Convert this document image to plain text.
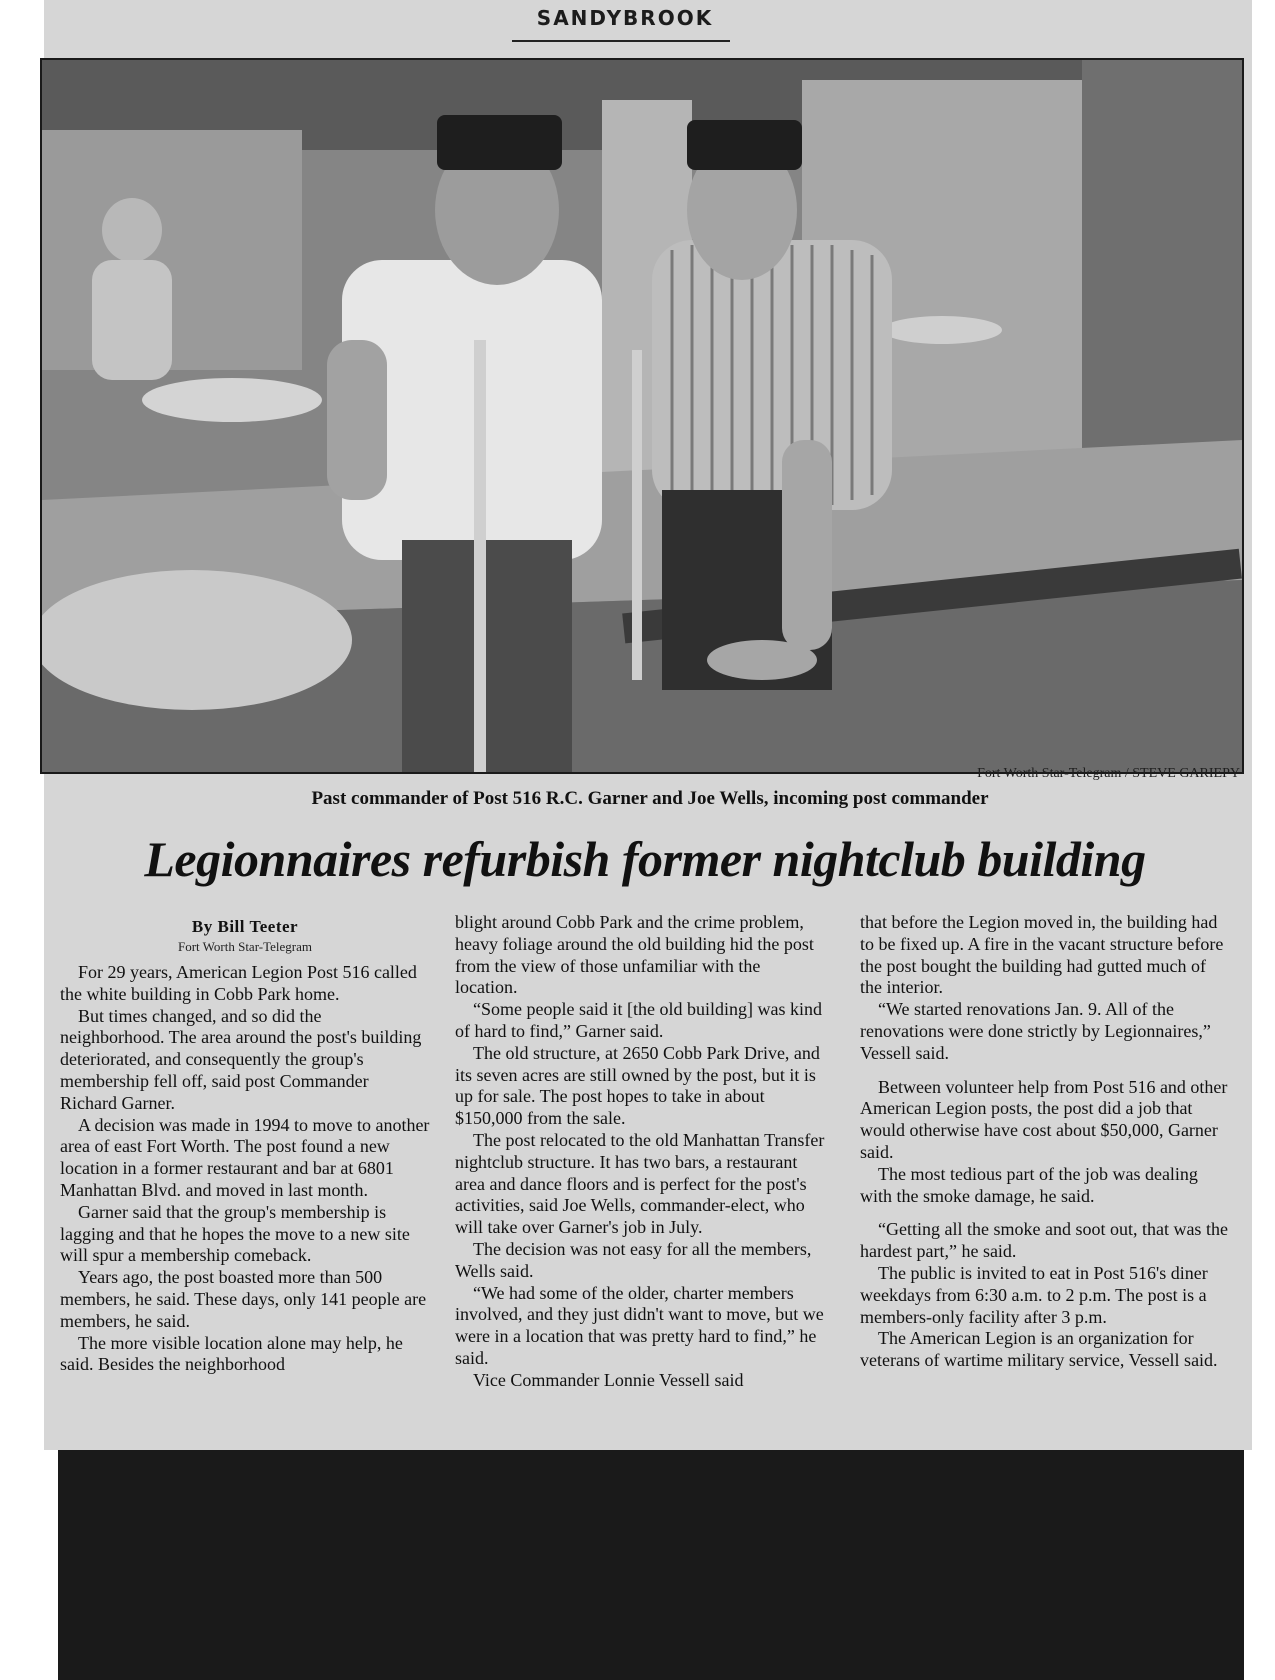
SANDYBROOK
Fort Worth Star-Telegram / STEVE GARIEPY
Past commander of Post 516 R.C. Garner and Joe Wells, incoming post commander
Legionnaires refurbish former nightclub building
By Bill Teeter
Fort Worth Star-Telegram

For 29 years, American Legion Post 516 called the white building in Cobb Park home.

But times changed, and so did the neighborhood. The area around the post's building deteriorated, and consequently the group's membership fell off, said post Commander Richard Garner.

A decision was made in 1994 to move to another area of east Fort Worth. The post found a new location in a former restaurant and bar at 6801 Manhattan Blvd. and moved in last month.

Garner said that the group's membership is lagging and that he hopes the move to a new site will spur a membership comeback.

Years ago, the post boasted more than 500 members, he said. These days, only 141 people are members, he said.

The more visible location alone may help, he said. Besides the neighborhood

blight around Cobb Park and the crime problem, heavy foliage around the old building hid the post from the view of those unfamiliar with the location.

“Some people said it [the old building] was kind of hard to find,” Garner said.

The old structure, at 2650 Cobb Park Drive, and its seven acres are still owned by the post, but it is up for sale. The post hopes to take in about $150,000 from the sale.

The post relocated to the old Manhattan Transfer nightclub structure. It has two bars, a restaurant area and dance floors and is perfect for the post's activities, said Joe Wells, commander-elect, who will take over Garner's job in July.

The decision was not easy for all the members, Wells said.

“We had some of the older, charter members involved, and they just didn't want to move, but we were in a location that was pretty hard to find,” he said.

Vice Commander Lonnie Vessell said

that before the Legion moved in, the building had to be fixed up. A fire in the vacant structure before the post bought the building had gutted much of the interior.

“We started renovations Jan. 9. All of the renovations were done strictly by Legionnaires,” Vessell said.

Between volunteer help from Post 516 and other American Legion posts, the post did a job that would otherwise have cost about $50,000, Garner said.

The most tedious part of the job was dealing with the smoke damage, he said.

“Getting all the smoke and soot out, that was the hardest part,” he said.

The public is invited to eat in Post 516's diner weekdays from 6:30 a.m. to 2 p.m. The post is a members-only facility after 3 p.m.

The American Legion is an organization for veterans of wartime military service, Vessell said.
